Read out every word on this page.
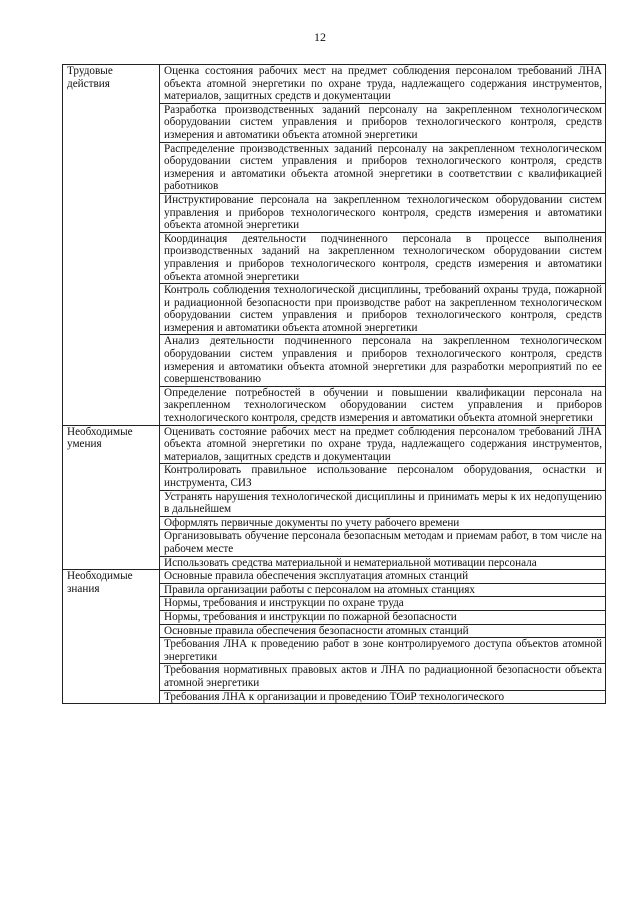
12
Трудовые действия	Оценка состояния рабочих мест на предмет соблюдения персоналом требований ЛНА объекта атомной энергетики по охране труда, надлежащего содержания инструментов, материалов, защитных средств и документации
	Разработка производственных заданий персоналу на закрепленном технологическом оборудовании систем управления и приборов технологического контроля, средств измерения и автоматики объекта атомной энергетики
	Распределение производственных заданий персоналу на закрепленном технологическом оборудовании систем управления и приборов технологического контроля, средств измерения и автоматики объекта атомной энергетики в соответствии с квалификацией работников
	Инструктирование персонала на закрепленном технологическом оборудовании систем управления и приборов технологического контроля, средств измерения и автоматики объекта атомной энергетики
	Координация деятельности подчиненного персонала в процессе выполнения производственных заданий на закрепленном технологическом оборудовании систем управления и приборов технологического контроля, средств измерения и автоматики объекта атомной энергетики
	Контроль соблюдения технологической дисциплины, требований охраны труда, пожарной и радиационной безопасности при производстве работ на закрепленном технологическом оборудовании систем управления и приборов технологического контроля, средств измерения и автоматики объекта атомной энергетики
	Анализ деятельности подчиненного персонала на закрепленном технологическом оборудовании систем управления и приборов технологического контроля, средств измерения и автоматики объекта атомной энергетики для разработки мероприятий по ее совершенствованию
	Определение потребностей в обучении и повышении квалификации персонала на закрепленном технологическом оборудовании систем управления и приборов технологического контроля, средств измерения и автоматики объекта атомной энергетики
Необходимые умения	Оценивать состояние рабочих мест на предмет соблюдения персоналом требований ЛНА объекта атомной энергетики по охране труда, надлежащего содержания инструментов, материалов, защитных средств и документации
	Контролировать правильное использование персоналом оборудования, оснастки и инструмента, СИЗ
	Устранять нарушения технологической дисциплины и принимать меры к их недопущению в дальнейшем
	Оформлять первичные документы по учету рабочего времени
	Организовывать обучение персонала безопасным методам и приемам работ, в том числе на рабочем месте
	Использовать средства материальной и нематериальной мотивации персонала
Необходимые знания	Основные правила обеспечения эксплуатация атомных станций
	Правила организации работы с персоналом на атомных станциях
	Нормы, требования и инструкции по охране труда
	Нормы, требования и инструкции по пожарной безопасности
	Основные правила обеспечения безопасности атомных станций
	Требования ЛНА к проведению работ в зоне контролируемого доступа объектов атомной энергетики
	Требования нормативных правовых актов и ЛНА по радиационной безопасности объекта атомной энергетики
	Требования ЛНА к организации и проведению ТОиР технологического
